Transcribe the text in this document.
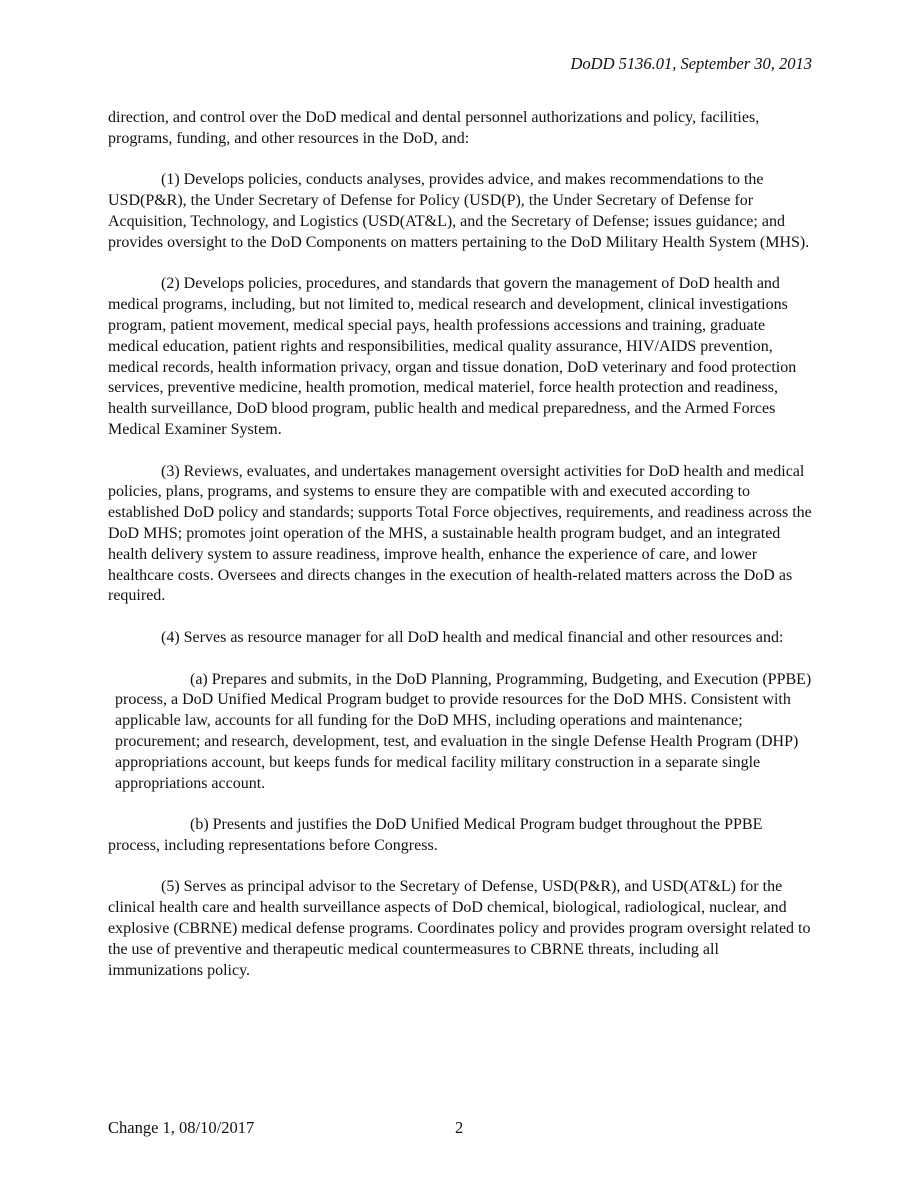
DoDD 5136.01, September 30, 2013

direction, and control over the DoD medical and dental personnel authorizations and policy, facilities, programs, funding, and other resources in the DoD, and:

(1) Develops policies, conducts analyses, provides advice, and makes recommendations to the USD(P&R), the Under Secretary of Defense for Policy (USD(P), the Under Secretary of Defense for Acquisition, Technology, and Logistics (USD(AT&L), and the Secretary of Defense; issues guidance; and provides oversight to the DoD Components on matters pertaining to the DoD Military Health System (MHS).

(2) Develops policies, procedures, and standards that govern the management of DoD health and medical programs, including, but not limited to, medical research and development, clinical investigations program, patient movement, medical special pays, health professions accessions and training, graduate medical education, patient rights and responsibilities, medical quality assurance, HIV/AIDS prevention, medical records, health information privacy, organ and tissue donation, DoD veterinary and food protection services, preventive medicine, health promotion, medical materiel, force health protection and readiness, health surveillance, DoD blood program, public health and medical preparedness, and the Armed Forces Medical Examiner System.

(3) Reviews, evaluates, and undertakes management oversight activities for DoD health and medical policies, plans, programs, and systems to ensure they are compatible with and executed according to established DoD policy and standards; supports Total Force objectives, requirements, and readiness across the DoD MHS; promotes joint operation of the MHS, a sustainable health program budget, and an integrated health delivery system to assure readiness, improve health, enhance the experience of care, and lower healthcare costs. Oversees and directs changes in the execution of health-related matters across the DoD as required.

(4) Serves as resource manager for all DoD health and medical financial and other resources and:

(a) Prepares and submits, in the DoD Planning, Programming, Budgeting, and Execution (PPBE) process, a DoD Unified Medical Program budget to provide resources for the DoD MHS. Consistent with applicable law, accounts for all funding for the DoD MHS, including operations and maintenance; procurement; and research, development, test, and evaluation in the single Defense Health Program (DHP) appropriations account, but keeps funds for medical facility military construction in a separate single appropriations account.

(b) Presents and justifies the DoD Unified Medical Program budget throughout the PPBE process, including representations before Congress.

(5) Serves as principal advisor to the Secretary of Defense, USD(P&R), and USD(AT&L) for the clinical health care and health surveillance aspects of DoD chemical, biological, radiological, nuclear, and explosive (CBRNE) medical defense programs. Coordinates policy and provides program oversight related to the use of preventive and therapeutic medical countermeasures to CBRNE threats, including all immunizations policy.

Change 1, 08/10/2017	2
